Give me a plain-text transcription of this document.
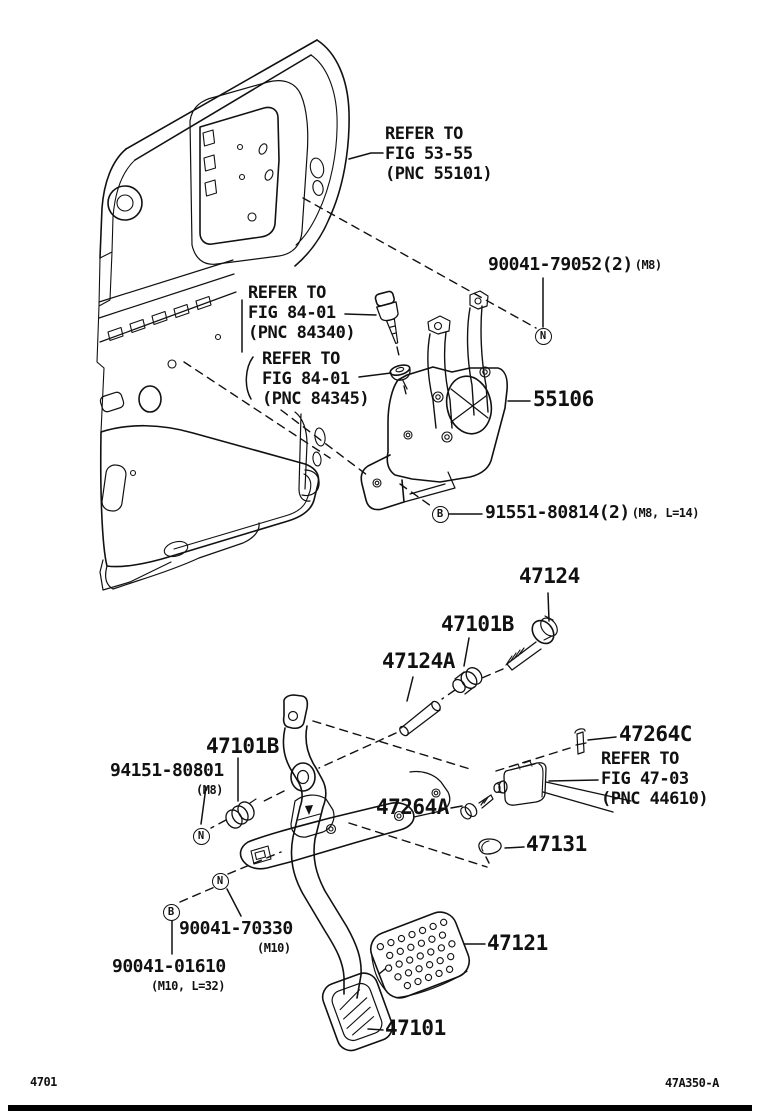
REFER TO
FIG 53-55
(PNC 55101)
90041-79052(2) (M8)
REFER TO
FIG 84-01
(PNC 84340)
REFER TO
FIG 84-01
(PNC 84345)	55106
91551-80814(2) (M8, L=14)
47124
47101B
47124A
47264C
REFER TO
FIG 47-03
(PNC 44610)
47264A
47131
47101B
94151-80801
(M8)
90041-70330
(M10)
90041-01610
(M10, L=32)
47121
47101
N
B
N
N
B
4701	47A350-A
